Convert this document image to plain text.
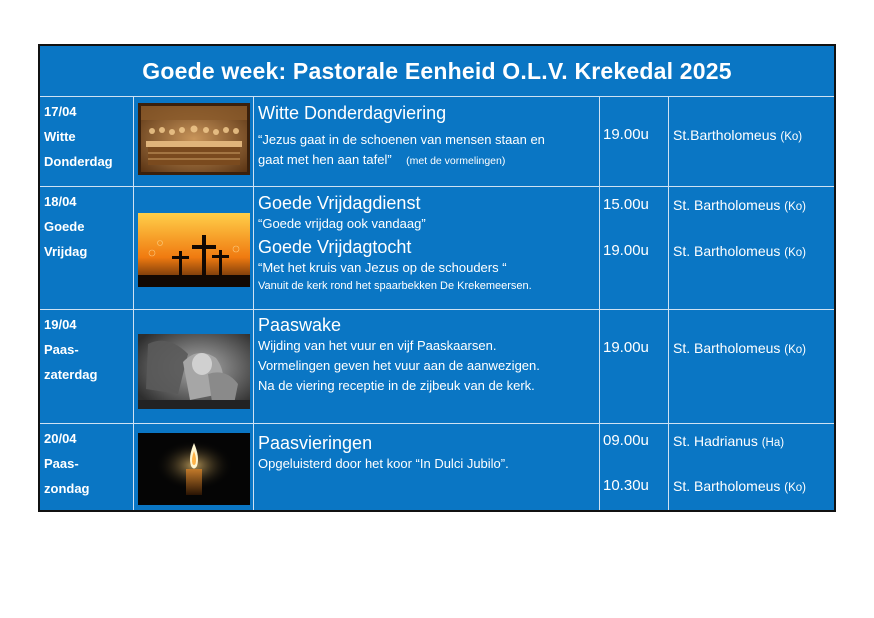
Goede week: Pastorale Eenheid O.L.V. Krekedal 2025
17/04
Witte
Donderdag
Witte Donderdagviering
“Jezus gaat in de schoenen van mensen staan en
gaat met hen aan tafel” (met de vormelingen)
19.00u St.Bartholomeus (Ko)
18/04
Goede
Vrijdag
Goede Vrijdagdienst
“Goede vrijdag ook vandaag”
Goede Vrijdagtocht
“Met het kruis van Jezus op de schouders “
Vanuit de kerk rond het spaarbekken De Krekemeersen.
15.00u
19.00u
St. Bartholomeus (Ko)
St. Bartholomeus (Ko)
19/04
Paas-
zaterdag
Paaswake
Wijding van het vuur en vijf Paaskaarsen.
Vormelingen geven het vuur aan de aanwezigen.
Na de viering receptie in de zijbeuk van de kerk.
19.00u St. Bartholomeus (Ko)
20/04
Paas-
zondag
Paasvieringen
Opgeluisterd door het koor “In Dulci Jubilo”.
09.00u
10.30u
St. Hadrianus (Ha)
St. Bartholomeus (Ko)
